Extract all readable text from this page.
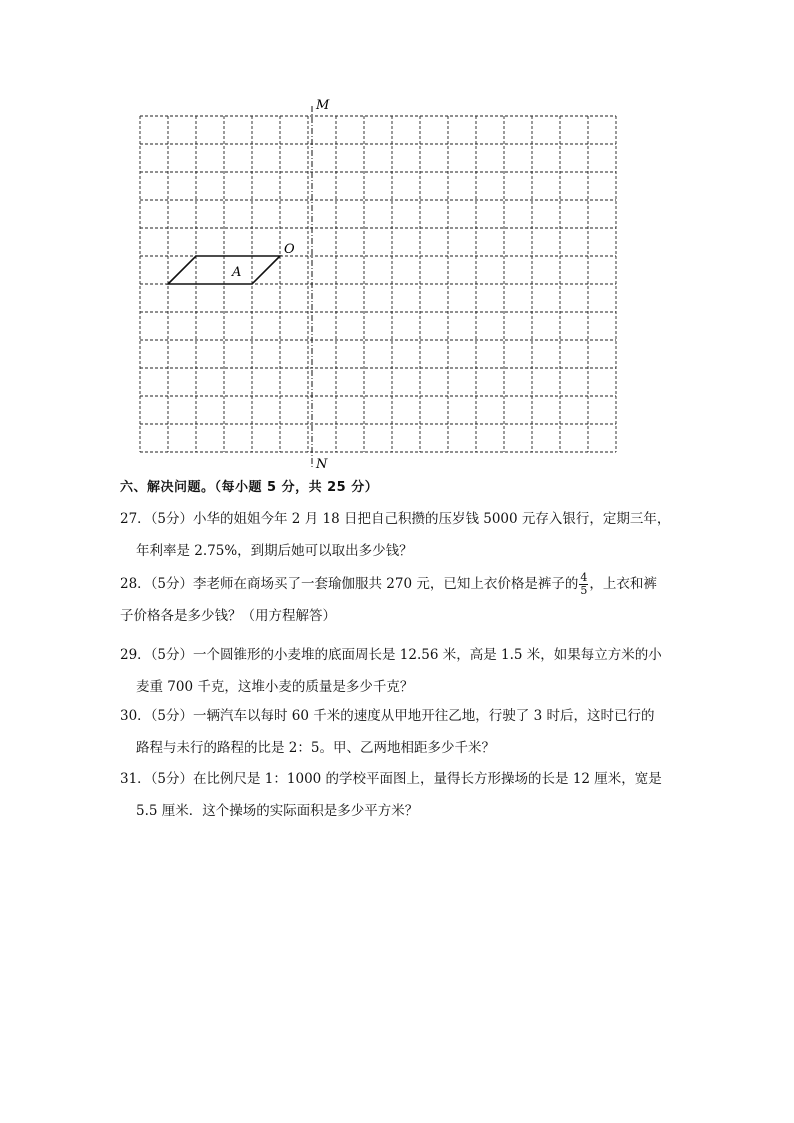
M
N
O
A
六、解决问题。（每小题 5 分，共 25 分）
27．（5分）小华的姐姐今年 2 月 18 日把自己积攒的压岁钱 5000 元存入银行，定期三年，
年利率是 2.75%，到期后她可以取出多少钱？
28．（5分）李老师在商场买了一套瑜伽服共 270 元，已知上衣价格是裤子的 $\frac{4}{5}$ ，上衣和裤
子价格各是多少钱？（用方程解答）
29．（5分）一个圆锥形的小麦堆的底面周长是 12.56 米，高是 1.5 米，如果每立方米的小
麦重 700 千克，这堆小麦的质量是多少千克？
30．（5分）一辆汽车以每时 60 千米的速度从甲地开往乙地，行驶了 3 时后，这时已行的
路程与未行的路程的比是 2：5。甲、乙两地相距多少千米？
31．（5分）在比例尺是 1：1000 的学校平面图上，量得长方形操场的长是 12 厘米，宽是
5.5 厘米．这个操场的实际面积是多少平方米？
